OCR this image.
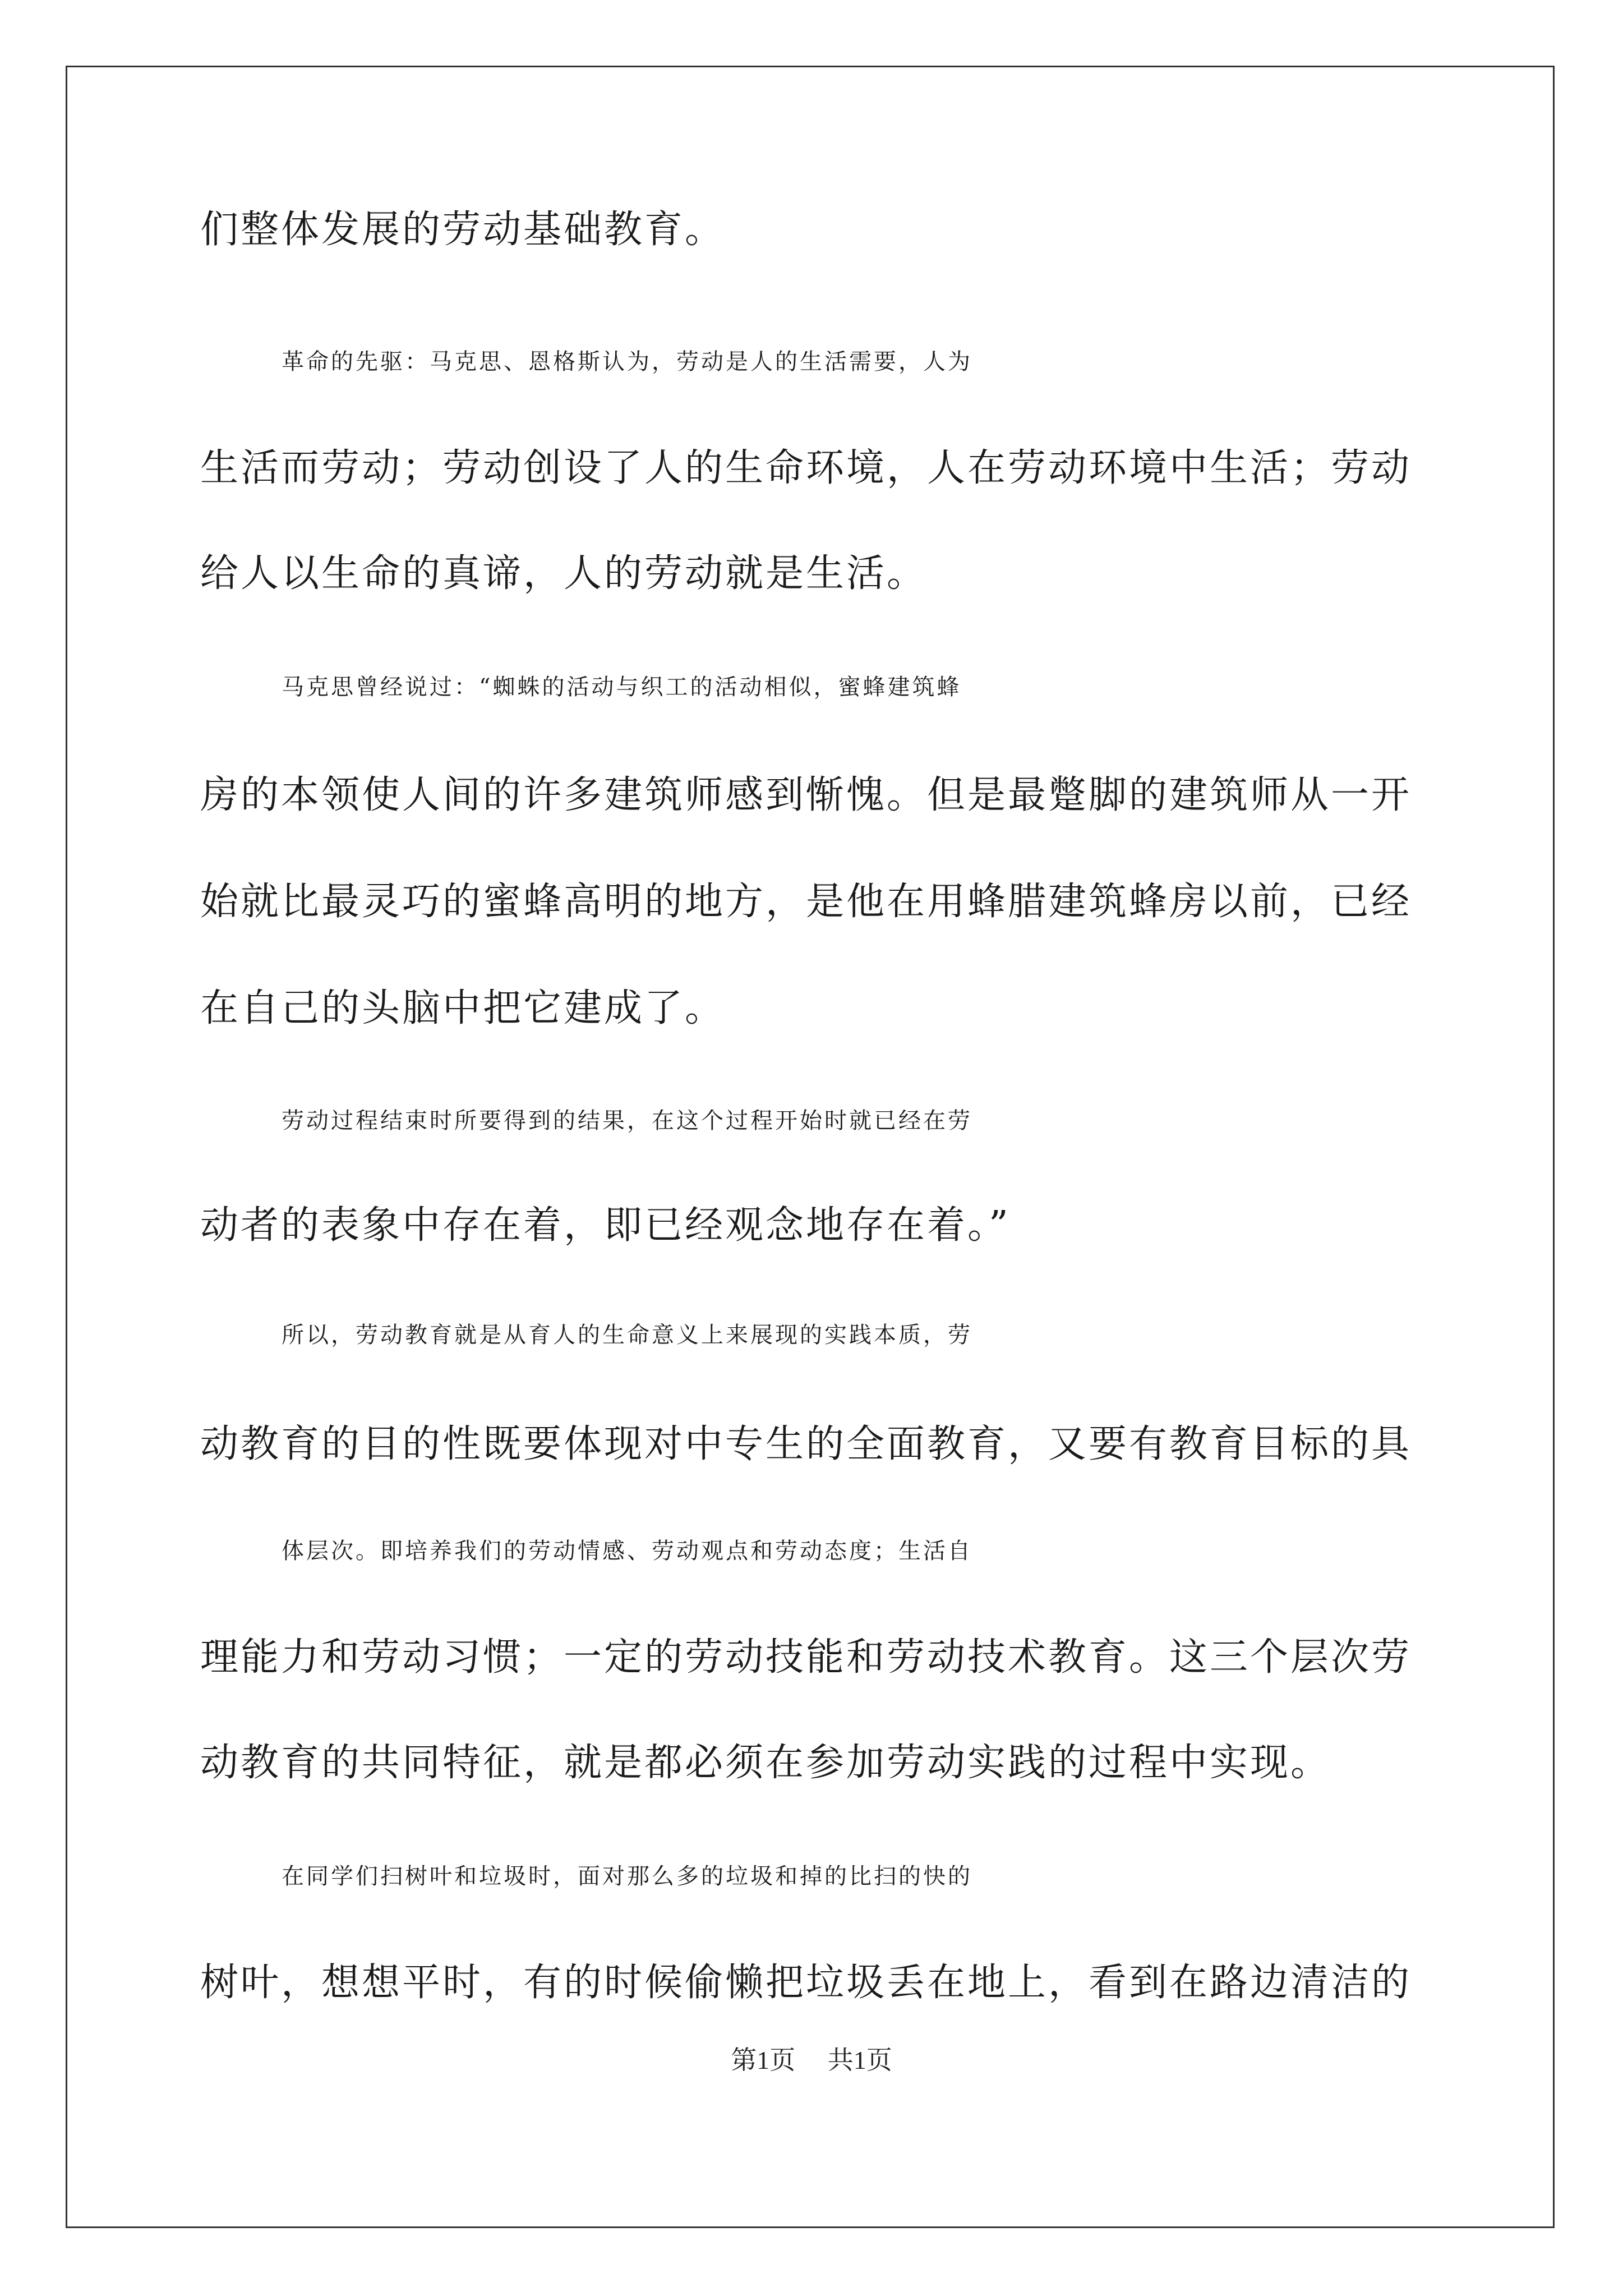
们整体发展的劳动基础教育。
革命的先驱：马克思、恩格斯认为，劳动是人的生活需要，人为
生活而劳动；劳动创设了人的生命环境，人在劳动环境中生活；劳动
给人以生命的真谛，人的劳动就是生活。
马克思曾经说过：“蜘蛛的活动与织工的活动相似，蜜蜂建筑蜂
房的本领使人间的许多建筑师感到惭愧。但是最蹩脚的建筑师从一开
始就比最灵巧的蜜蜂高明的地方，是他在用蜂腊建筑蜂房以前，已经
在自己的头脑中把它建成了。
劳动过程结束时所要得到的结果，在这个过程开始时就已经在劳
动者的表象中存在着，即已经观念地存在着。”
所以，劳动教育就是从育人的生命意义上来展现的实践本质，劳
动教育的目的性既要体现对中专生的全面教育，又要有教育目标的具
体层次。即培养我们的劳动情感、劳动观点和劳动态度；生活自
理能力和劳动习惯；一定的劳动技能和劳动技术教育。这三个层次劳
动教育的共同特征，就是都必须在参加劳动实践的过程中实现。
在同学们扫树叶和垃圾时，面对那么多的垃圾和掉的比扫的快的
树叶，想想平时，有的时候偷懒把垃圾丢在地上，看到在路边清洁的
第1页 共1页
